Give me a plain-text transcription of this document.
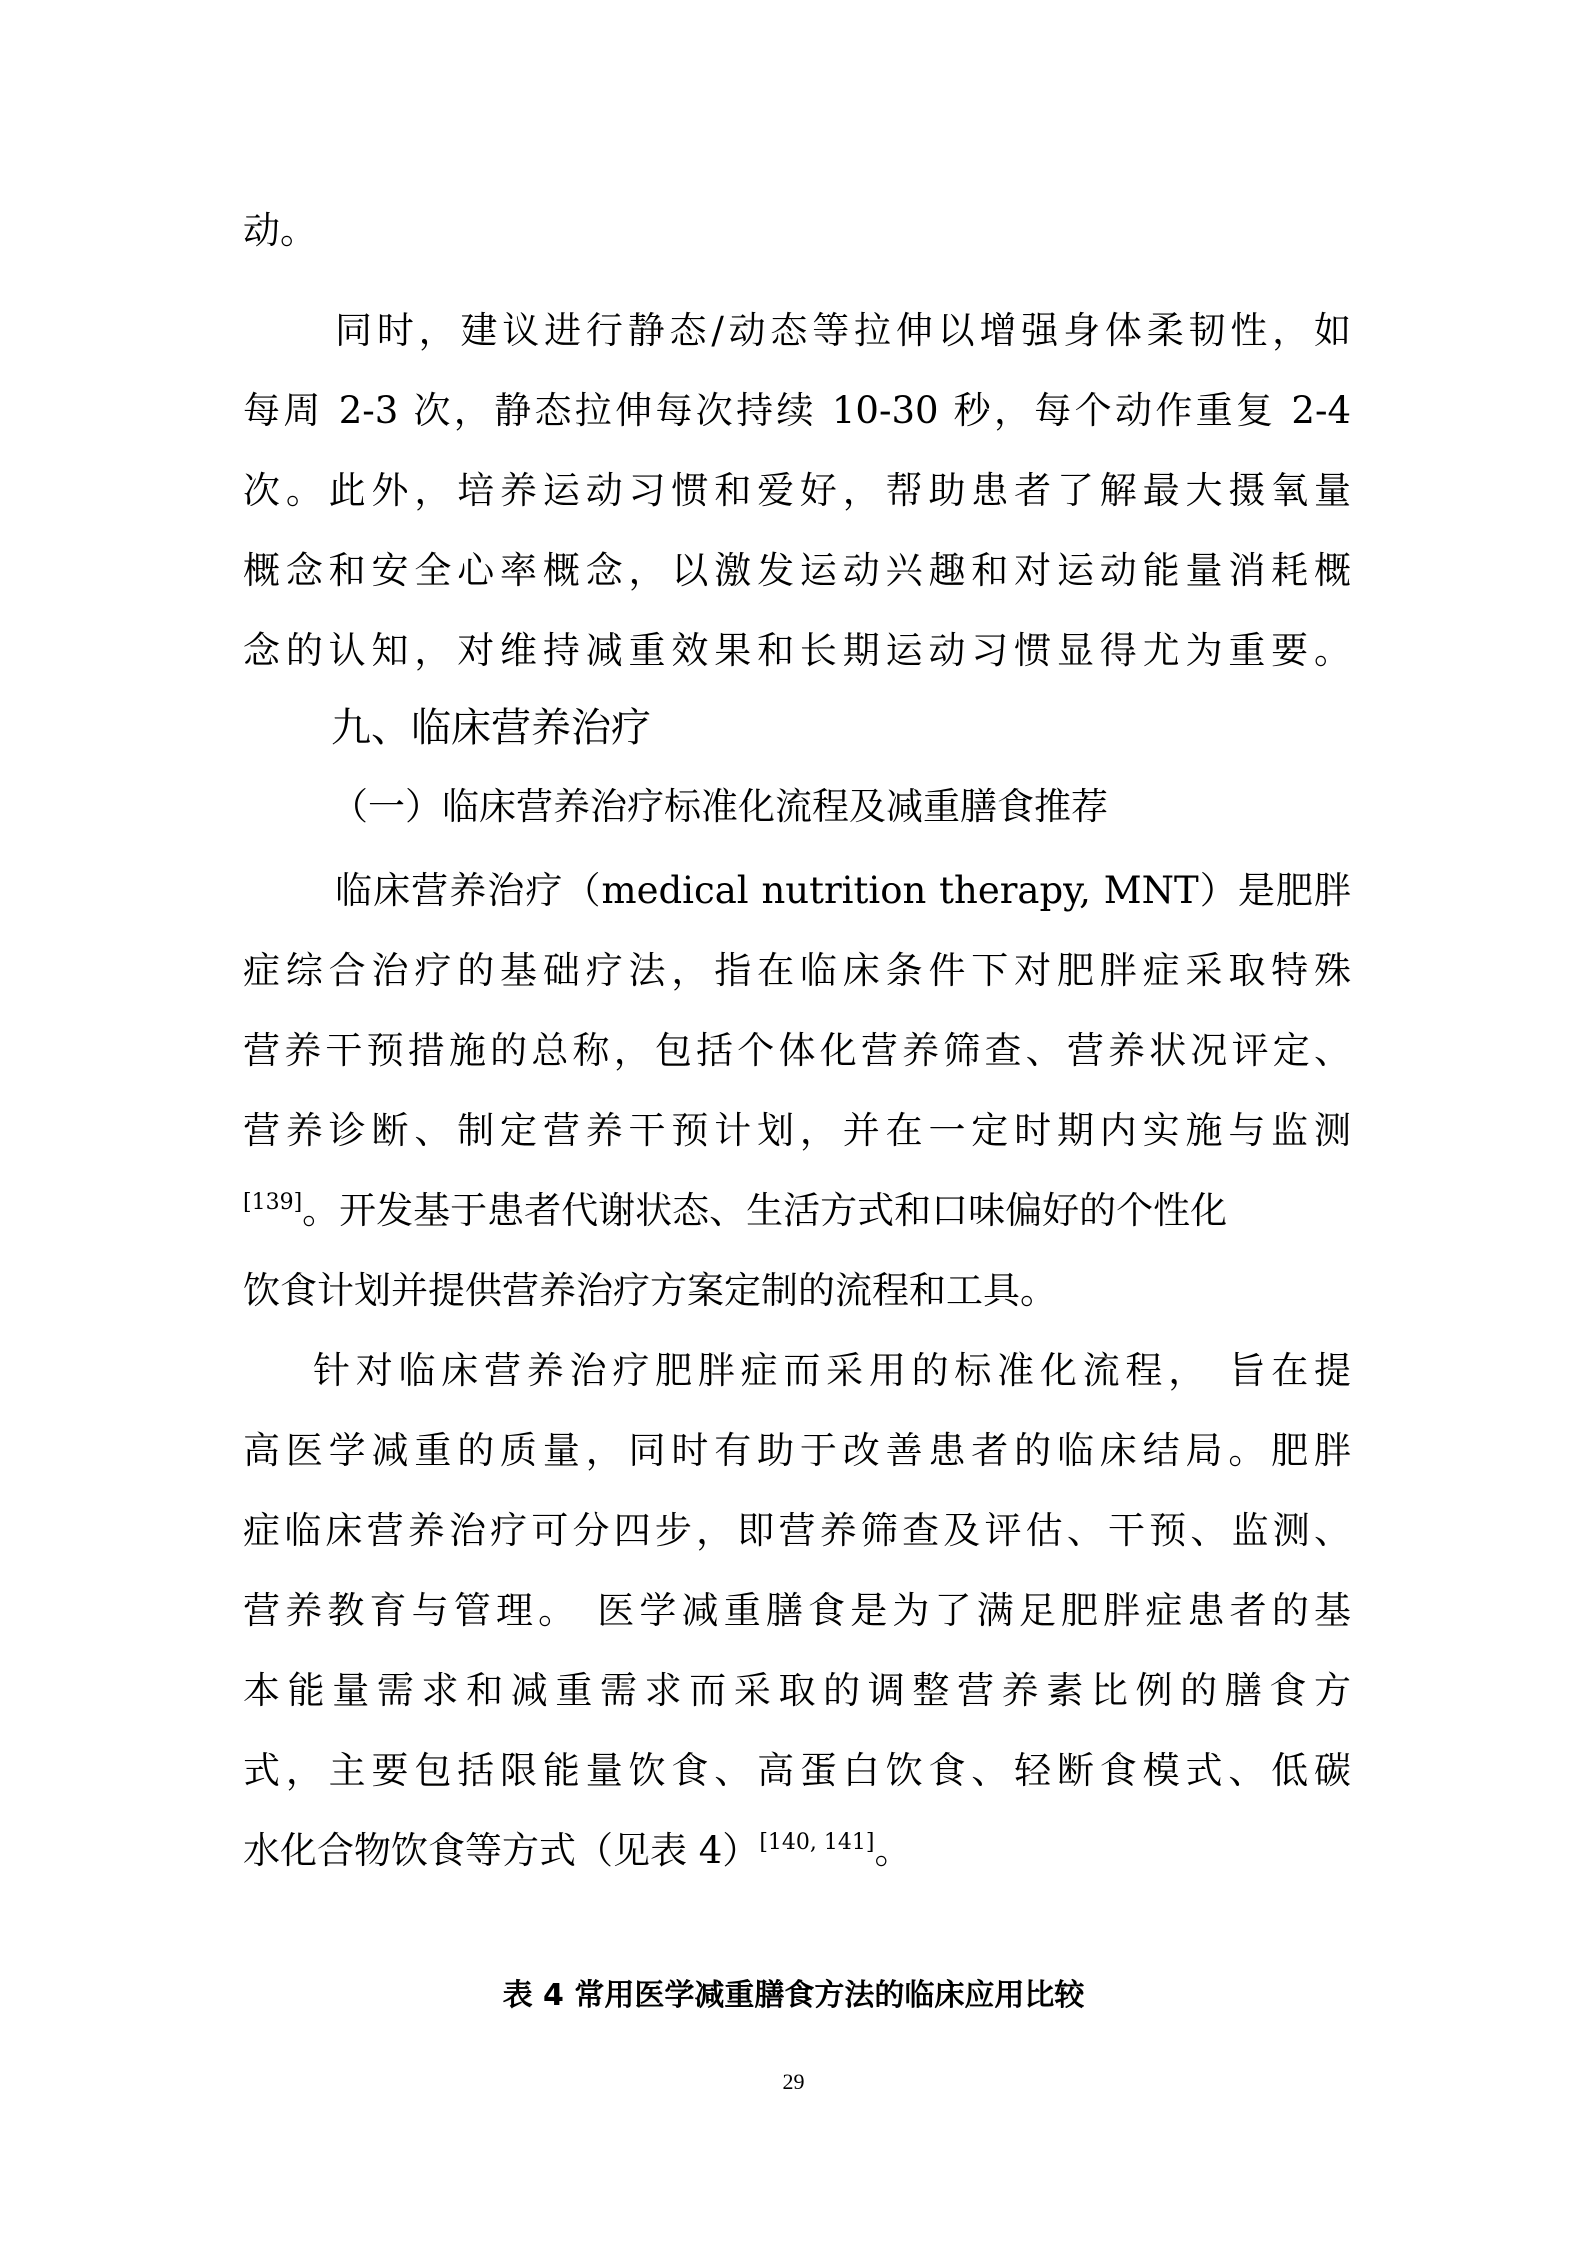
动。
同时，建议进行静态/动态等拉伸以增强身体柔韧性，如
每周 2-3 次，静态拉伸每次持续 10-30 秒，每个动作重复 2-4
次。此外，培养运动习惯和爱好，帮助患者了解最大摄氧量
概念和安全心率概念，以激发运动兴趣和对运动能量消耗概
念的认知，对维持减重效果和长期运动习惯显得尤为重要。
九、临床营养治疗
（一）临床营养治疗标准化流程及减重膳食推荐
临床营养治疗（medical nutrition therapy, MNT）是肥胖
症综合治疗的基础疗法，指在临床条件下对肥胖症采取特殊
营养干预措施的总称，包括个体化营养筛查、营养状况评定、
营养诊断、制定营养干预计划，并在一定时期内实施与监测
[139]。开发基于患者代谢状态、生活方式和口味偏好的个性化
饮食计划并提供营养治疗方案定制的流程和工具。
针对临床营养治疗肥胖症而采用的标准化流程， 旨在提
高医学减重的质量，同时有助于改善患者的临床结局。肥胖
症临床营养治疗可分四步，即营养筛查及评估、干预、监测、
营养教育与管理。 医学减重膳食是为了满足肥胖症患者的基
本能量需求和减重需求而采取的调整营养素比例的膳食方
式，主要包括限能量饮食、高蛋白饮食、轻断食模式、低碳
水化合物饮食等方式（见表 4）[140, 141]。
表 4 常用医学减重膳食方法的临床应用比较
29
